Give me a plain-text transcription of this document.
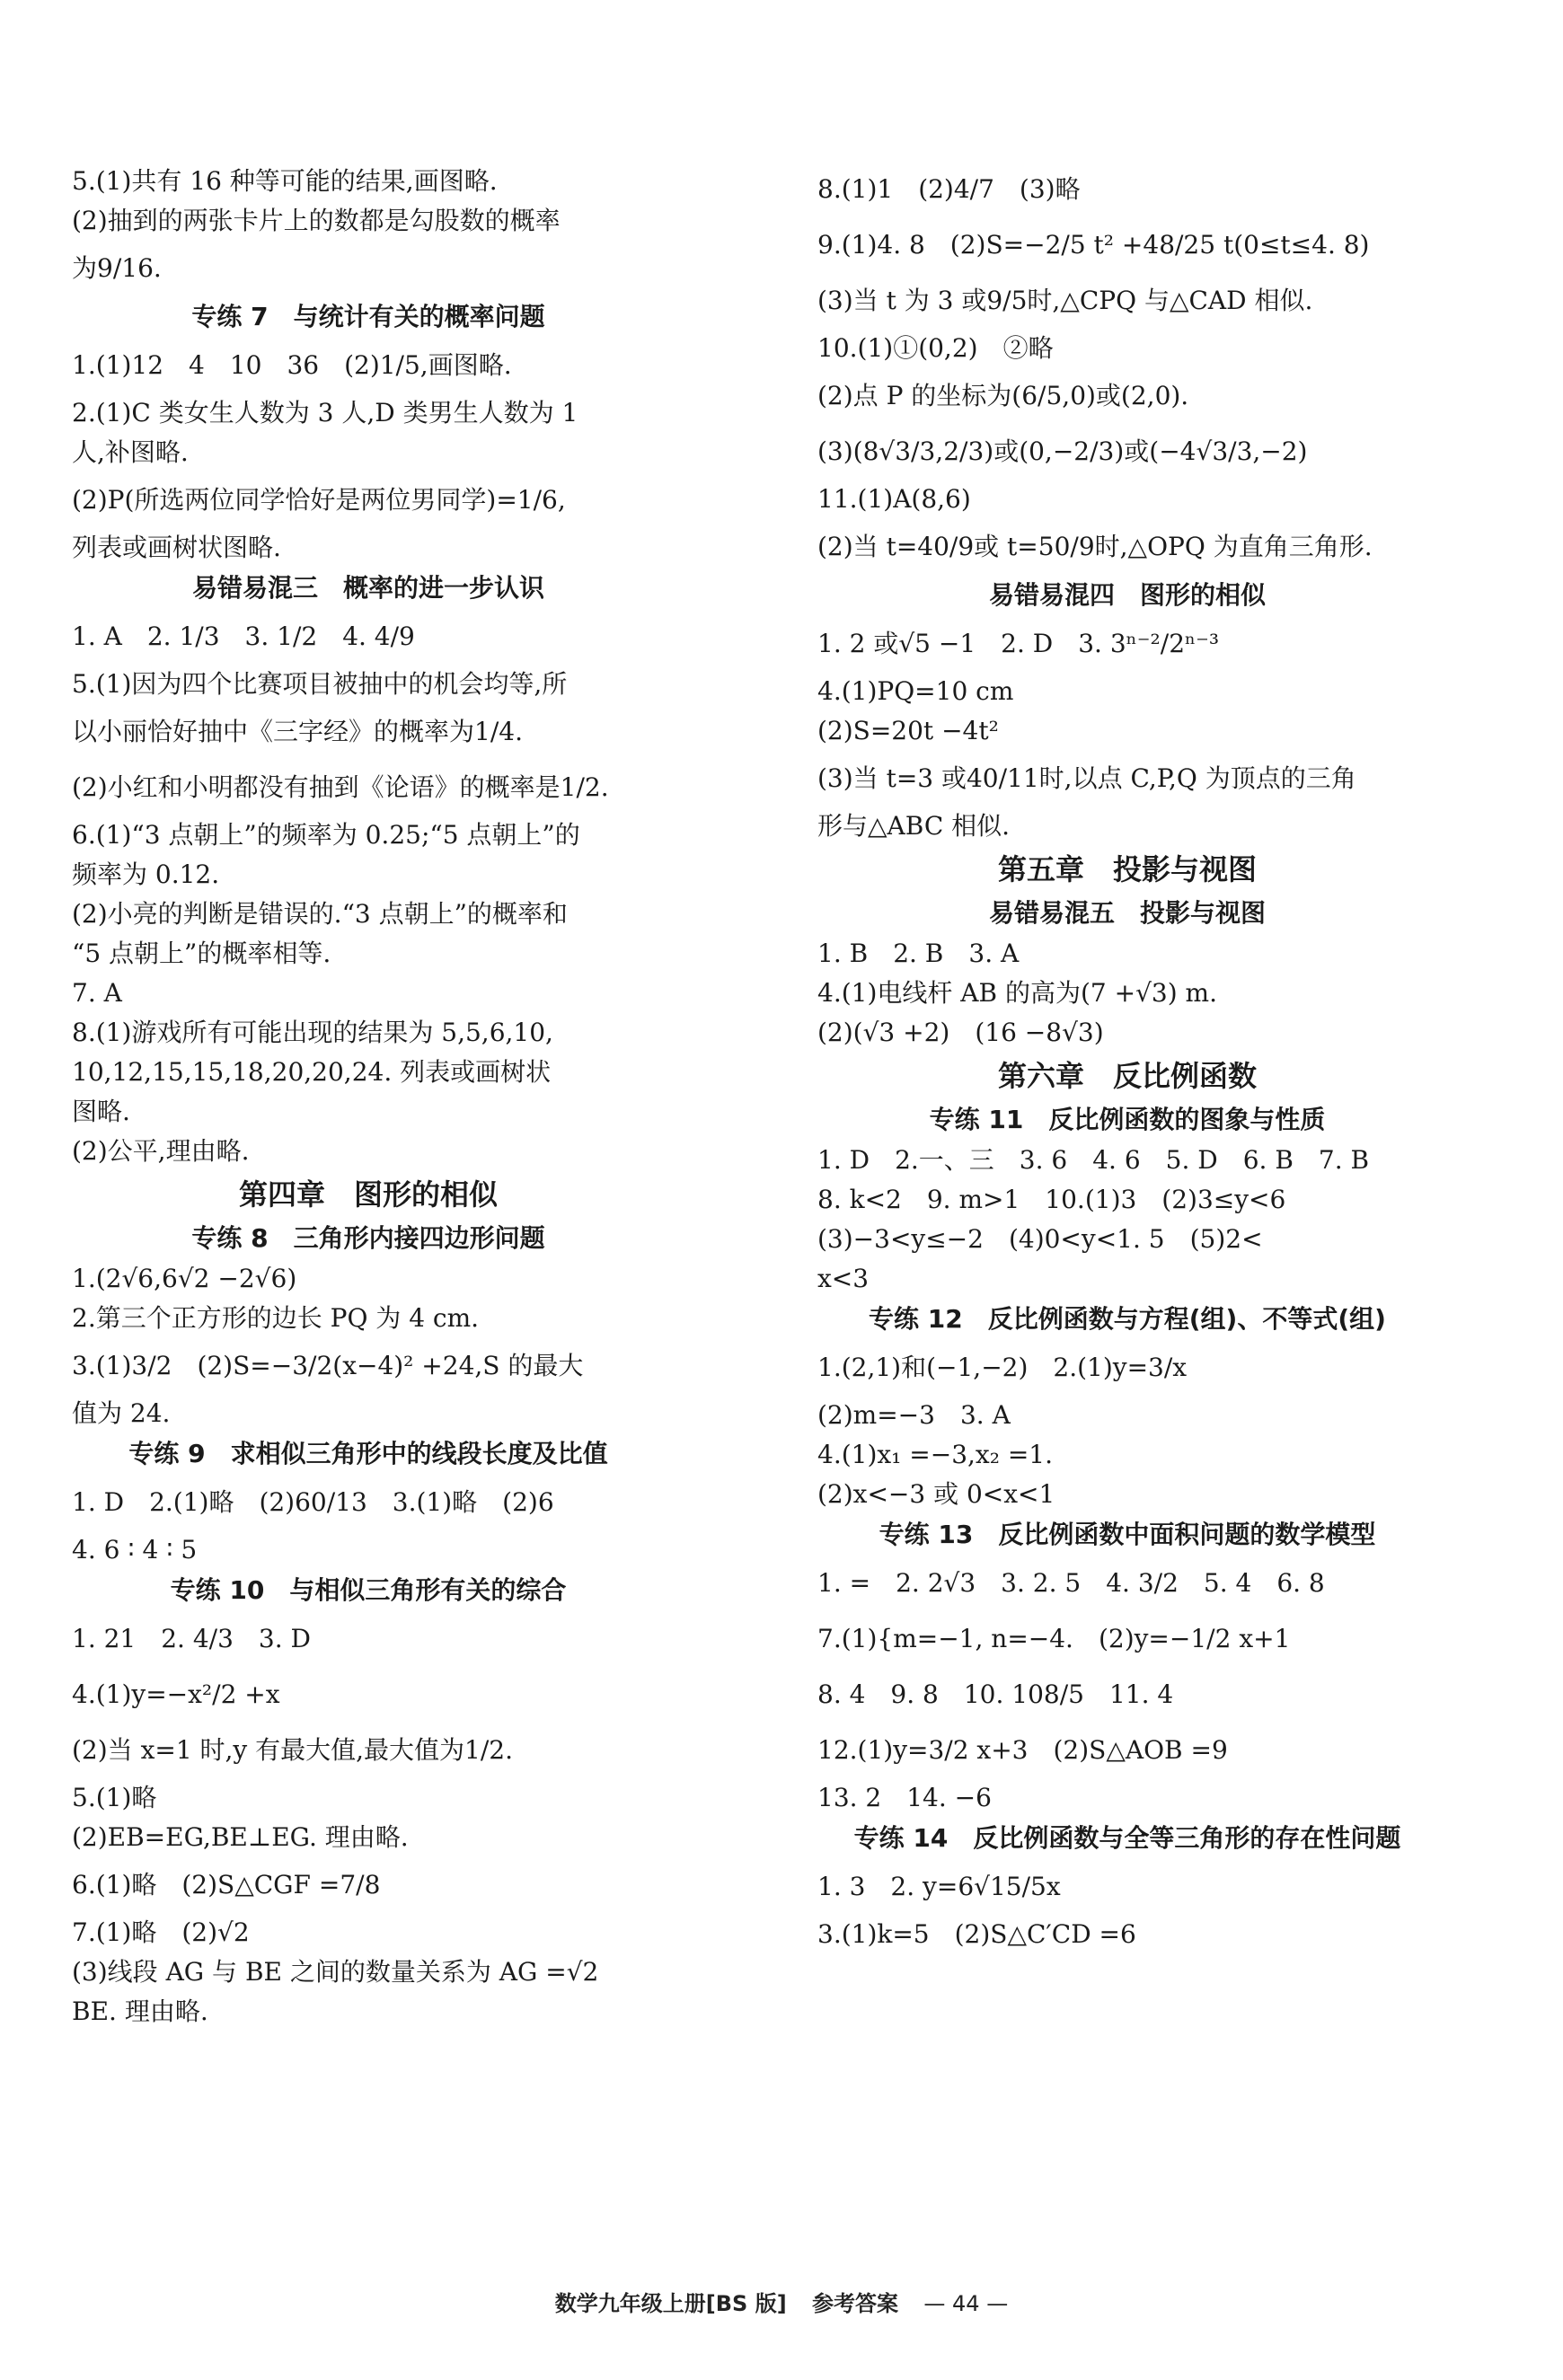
5.(1)共有 16 种等可能的结果,画图略.
(2)抽到的两张卡片上的数都是勾股数的概率
为9/16.
专练 7　与统计有关的概率问题
1.(1)12　4　10　36　(2)1/5,画图略.
2.(1)C 类女生人数为 3 人,D 类男生人数为 1
人,补图略.
(2)P(所选两位同学恰好是两位男同学)=1/6,
列表或画树状图略.
易错易混三　概率的进一步认识
1. A　2. 1/3　3. 1/2　4. 4/9
5.(1)因为四个比赛项目被抽中的机会均等,所
以小丽恰好抽中《三字经》的概率为1/4.
(2)小红和小明都没有抽到《论语》的概率是1/2.
6.(1)“3 点朝上”的频率为 0.25;“5 点朝上”的
频率为 0.12.
(2)小亮的判断是错误的.“3 点朝上”的概率和
“5 点朝上”的概率相等.
7. A
8.(1)游戏所有可能出现的结果为 5,5,6,10,
10,12,15,15,18,20,20,24. 列表或画树状
图略.
(2)公平,理由略.
第四章　图形的相似
专练 8　三角形内接四边形问题
1.(2√6,6√2 −2√6)
2.第三个正方形的边长 PQ 为 4 cm.
3.(1)3/2　(2)S=−3/2(x−4)² +24,S 的最大
值为 24.
专练 9　求相似三角形中的线段长度及比值
1. D　2.(1)略　(2)60/13　3.(1)略　(2)6
4. 6 ∶ 4 ∶ 5
专练 10　与相似三角形有关的综合
1. 21　2. 4/3　3. D
4.(1)y=−x²/2 +x
(2)当 x=1 时,y 有最大值,最大值为1/2.
5.(1)略
(2)EB=EG,BE⊥EG. 理由略.
6.(1)略　(2)S△CGF =7/8
7.(1)略　(2)√2
(3)线段 AG 与 BE 之间的数量关系为 AG =√2
BE. 理由略.
8.(1)1　(2)4/7　(3)略
9.(1)4. 8　(2)S=−2/5 t² +48/25 t(0≤t≤4. 8)
(3)当 t 为 3 或9/5时,△CPQ 与△CAD 相似.
10.(1)①(0,2)　②略
(2)点 P 的坐标为(6/5,0)或(2,0).
(3)(8√3/3,2/3)或(0,−2/3)或(−4√3/3,−2)
11.(1)A(8,6)
(2)当 t=40/9或 t=50/9时,△OPQ 为直角三角形.
易错易混四　图形的相似
1. 2 或√5 −1　2. D　3. 3ⁿ⁻²/2ⁿ⁻³
4.(1)PQ=10 cm
(2)S=20t −4t²
(3)当 t=3 或40/11时,以点 C,P,Q 为顶点的三角
形与△ABC 相似.
第五章　投影与视图
易错易混五　投影与视图
1. B　2. B　3. A
4.(1)电线杆 AB 的高为(7 +√3) m.
(2)(√3 +2)　(16 −8√3)
第六章　反比例函数
专练 11　反比例函数的图象与性质
1. D　2.一、三　3. 6　4. 6　5. D　6. B　7. B
8. k<2　9. m>1　10.(1)3　(2)3≤y<6
(3)−3<y≤−2　(4)0<y<1. 5　(5)2<
x<3
专练 12　反比例函数与方程(组)、不等式(组)
1.(2,1)和(−1,−2)　2.(1)y=3/x
(2)m=−3　3. A
4.(1)x₁ =−3,x₂ =1.
(2)x<−3 或 0<x<1
专练 13　反比例函数中面积问题的数学模型
1. =　2. 2√3　3. 2. 5　4. 3/2　5. 4　6. 8
7.(1){m=−1, n=−4.　(2)y=−1/2 x+1
8. 4　9. 8　10. 108/5　11. 4
12.(1)y=3/2 x+3　(2)S△AOB =9
13. 2　14. −6
专练 14　反比例函数与全等三角形的存在性问题
1. 3　2. y=6√15/5x
3.(1)k=5　(2)S△C′CD =6
数学九年级上册[BS 版] 参考答案 — 44 —
